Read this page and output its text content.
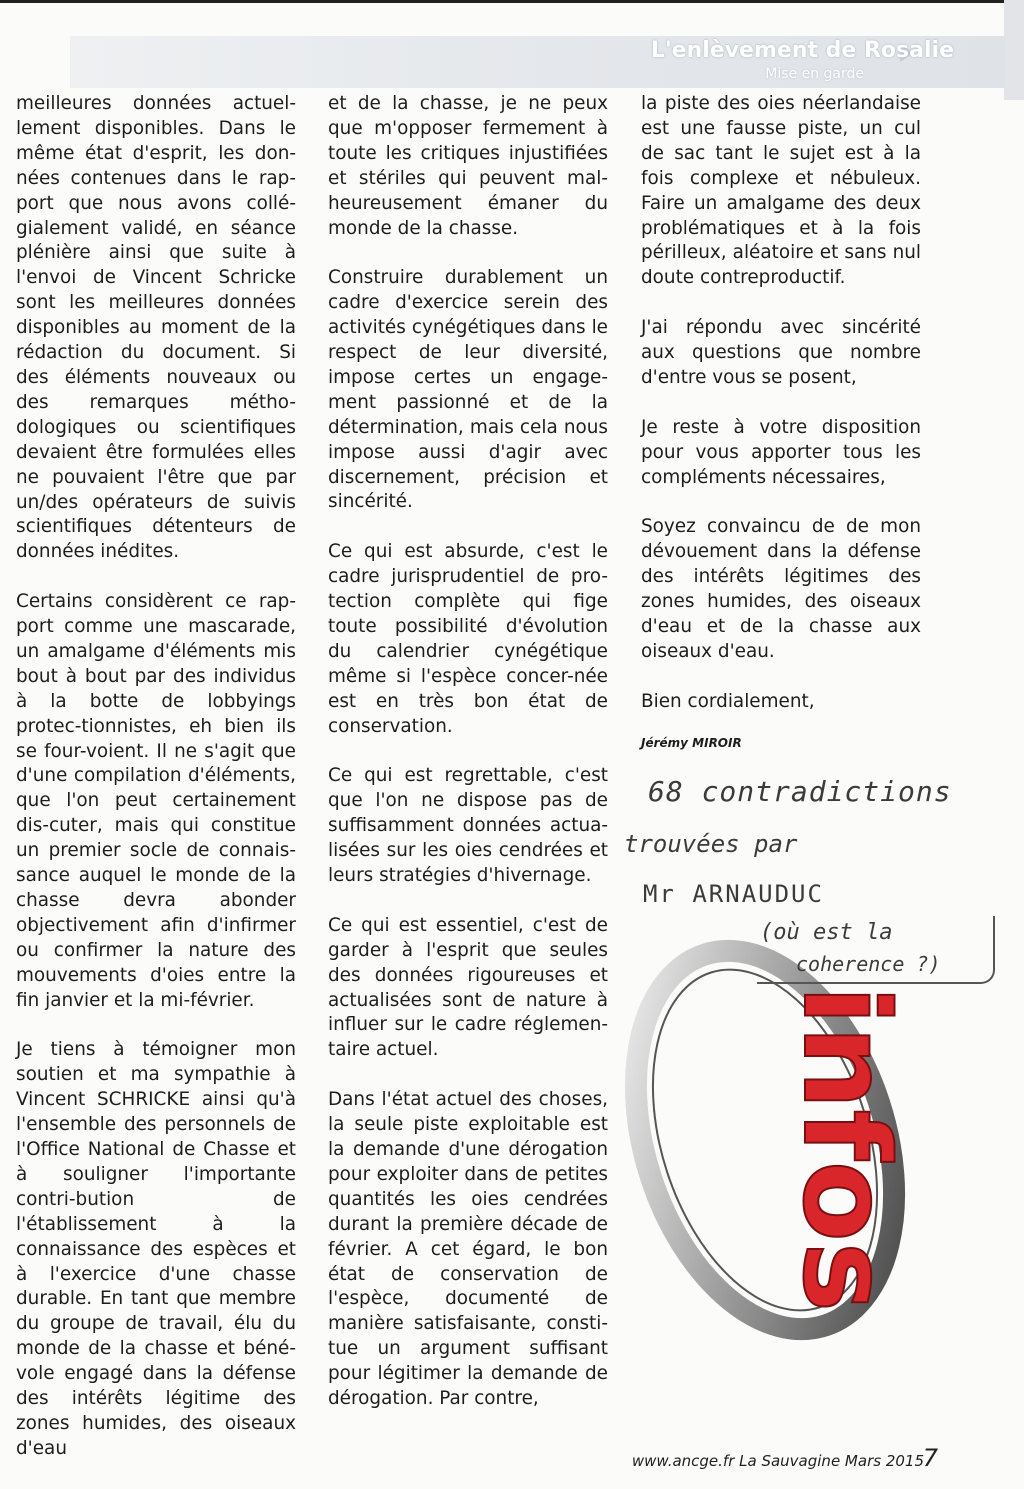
L'enlèvement de Rosalie
Mise en garde

meilleures données actuel-lement disponibles. Dans le même état d'esprit, les don-nées contenues dans le rap-port que nous avons collé-gialement validé, en séance plénière ainsi que suite à l'envoi de Vincent Schricke sont les meilleures données disponibles au moment de la rédaction du document. Si des éléments nouveaux ou des remarques métho-dologiques ou scientifiques devaient être formulées elles ne pouvaient l'être que par un/des opérateurs de suivis scientifiques détenteurs de données inédites.

Certains considèrent ce rap-port comme une mascarade, un amalgame d'éléments mis bout à bout par des individus à la botte de lobbyings protec-tionnistes, eh bien ils se four-voient. Il ne s'agit que d'une compilation d'éléments, que l'on peut certainement dis-cuter, mais qui constitue un premier socle de connais-sance auquel le monde de la chasse devra abonder objectivement afin d'infirmer ou confirmer la nature des mouvements d'oies entre la fin janvier et la mi-février.

Je tiens à témoigner mon soutien et ma sympathie à Vincent SCHRICKE ainsi qu'à l'ensemble des personnels de l'Office National de Chasse et à souligner l'importante contri-bution de l'établissement à la connaissance des espèces et à l'exercice d'une chasse durable. En tant que membre du groupe de travail, élu du monde de la chasse et béné-vole engagé dans la défense des intérêts légitime des zones humides, des oiseaux d'eau

et de la chasse, je ne peux que m'opposer fermement à toute les critiques injustifiées et stériles qui peuvent mal-heureusement émaner du monde de la chasse.

Construire durablement un cadre d'exercice serein des activités cynégétiques dans le respect de leur diversité, impose certes un engage-ment passionné et de la détermination, mais cela nous impose aussi d'agir avec discernement, précision et sincérité.

Ce qui est absurde, c'est le cadre jurisprudentiel de pro-tection complète qui fige toute possibilité d'évolution du calendrier cynégétique même si l'espèce concer-née est en très bon état de conservation.

Ce qui est regrettable, c'est que l'on ne dispose pas de suffisamment données actua-lisées sur les oies cendrées et leurs stratégies d'hivernage.

Ce qui est essentiel, c'est de garder à l'esprit que seules des données rigoureuses et actualisées sont de nature à influer sur le cadre réglemen-taire actuel.

Dans l'état actuel des choses, la seule piste exploitable est la demande d'une dérogation pour exploiter dans de petites quantités les oies cendrées durant la première décade de février. A cet égard, le bon état de conservation de l'espèce, documenté de manière satisfaisante, consti-tue un argument suffisant pour légitimer la demande de dérogation. Par contre,

la piste des oies néerlandaise est une fausse piste, un cul de sac tant le sujet est à la fois complexe et nébuleux. Faire un amalgame des deux problématiques et à la fois périlleux, aléatoire et sans nul doute contreproductif.

J'ai répondu avec sincérité aux questions que nombre d'entre vous se posent,

Je reste à votre disposition pour vous apporter tous les compléments nécessaires,

Soyez convaincu de de mon dévouement dans la défense des intérêts légitimes des zones humides, des oiseaux d'eau et de la chasse aux oiseaux d'eau.

Bien cordialement,

Jérémy MIROIR
infos
68 contradictions
trouvées par
Mr ARNAUDUC
(où est la
coherence ?)
www.ancge.fr La Sauvagine Mars 2015
7
